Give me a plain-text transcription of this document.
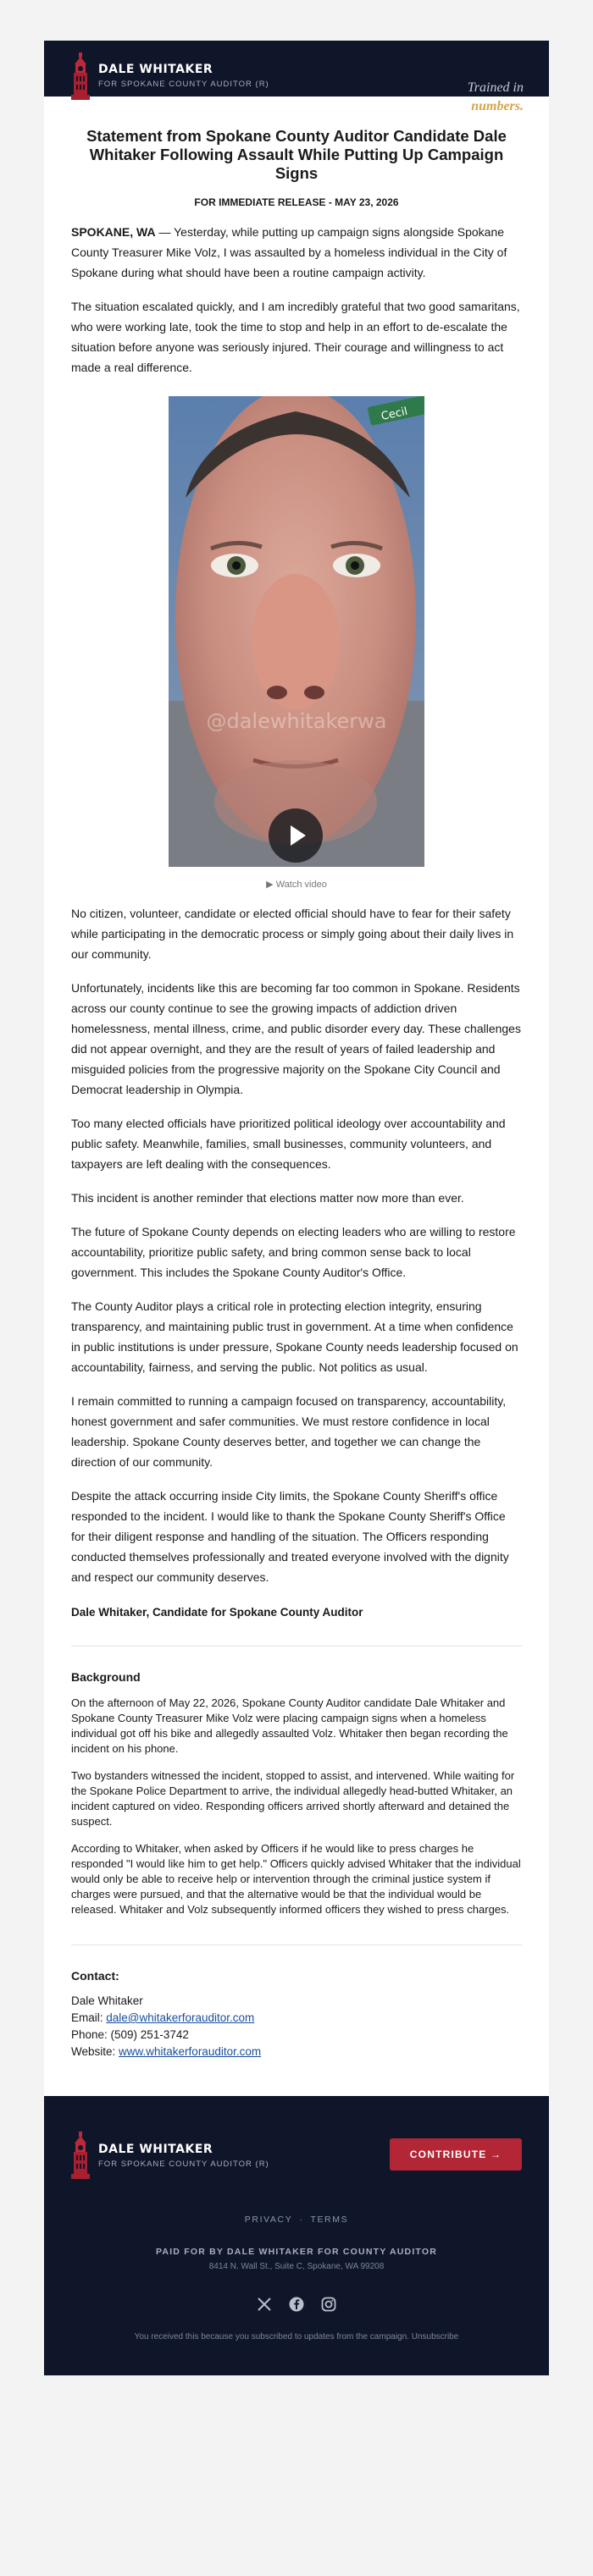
DALE WHITAKER
FOR SPOKANE COUNTY AUDITOR (R)	Trained in
numbers.
Statement from Spokane County Auditor Candidate Dale Whitaker Following Assault While Putting Up Campaign Signs
FOR IMMEDIATE RELEASE - MAY 23, 2026

SPOKANE, WA — Yesterday, while putting up campaign signs alongside Spokane County Treasurer Mike Volz, I was assaulted by a homeless individual in the City of Spokane during what should have been a routine campaign activity.

The situation escalated quickly, and I am incredibly grateful that two good samaritans, who were working late, took the time to stop and help in an effort to de-escalate the situation before anyone was seriously injured. Their courage and willingness to act made a real difference.

Cecil
@dalewhitakerwa
▶ Watch video

No citizen, volunteer, candidate or elected official should have to fear for their safety while participating in the democratic process or simply going about their daily lives in our community.

Unfortunately, incidents like this are becoming far too common in Spokane. Residents across our county continue to see the growing impacts of addiction driven homelessness, mental illness, crime, and public disorder every day. These challenges did not appear overnight, and they are the result of years of failed leadership and misguided policies from the progressive majority on the Spokane City Council and Democrat leadership in Olympia.

Too many elected officials have prioritized political ideology over accountability and public safety. Meanwhile, families, small businesses, community volunteers, and taxpayers are left dealing with the consequences.

This incident is another reminder that elections matter now more than ever.

The future of Spokane County depends on electing leaders who are willing to restore accountability, prioritize public safety, and bring common sense back to local government. This includes the Spokane County Auditor's Office.

The County Auditor plays a critical role in protecting election integrity, ensuring transparency, and maintaining public trust in government. At a time when confidence in public institutions is under pressure, Spokane County needs leadership focused on accountability, fairness, and serving the public. Not politics as usual.

I remain committed to running a campaign focused on transparency, accountability, honest government and safer communities. We must restore confidence in local leadership. Spokane County deserves better, and together we can change the direction of our community.

Despite the attack occurring inside City limits, the Spokane County Sheriff's office responded to the incident. I would like to thank the Spokane County Sheriff's Office for their diligent response and handling of the situation. The Officers responding conducted themselves professionally and treated everyone involved with the dignity and respect our community deserves.

Dale Whitaker, Candidate for Spokane County Auditor
Background

On the afternoon of May 22, 2026, Spokane County Auditor candidate Dale Whitaker and Spokane County Treasurer Mike Volz were placing campaign signs when a homeless individual got off his bike and allegedly assaulted Volz. Whitaker then began recording the incident on his phone.

Two bystanders witnessed the incident, stopped to assist, and intervened. While waiting for the Spokane Police Department to arrive, the individual allegedly head-butted Whitaker, an incident captured on video. Responding officers arrived shortly afterward and detained the suspect.

According to Whitaker, when asked by Officers if he would like to press charges he responded "I would like him to get help." Officers quickly advised Whitaker that the individual would only be able to receive help or intervention through the criminal justice system if charges were pursued, and that the alternative would be that the individual would be released. Whitaker and Volz subsequently informed officers they wished to press charges.

Contact:
Dale Whitaker
Email: dale@whitakerforauditor.com
Phone: (509) 251-3742
Website: www.whitakerforauditor.com
DALE WHITAKER
FOR SPOKANE COUNTY AUDITOR (R)
CONTRIBUTE →
PRIVACY · TERMS
PAID FOR BY DALE WHITAKER FOR COUNTY AUDITOR
8414 N. Wall St., Suite C, Spokane, WA 99208
You received this because you subscribed to updates from the campaign. Unsubscribe
